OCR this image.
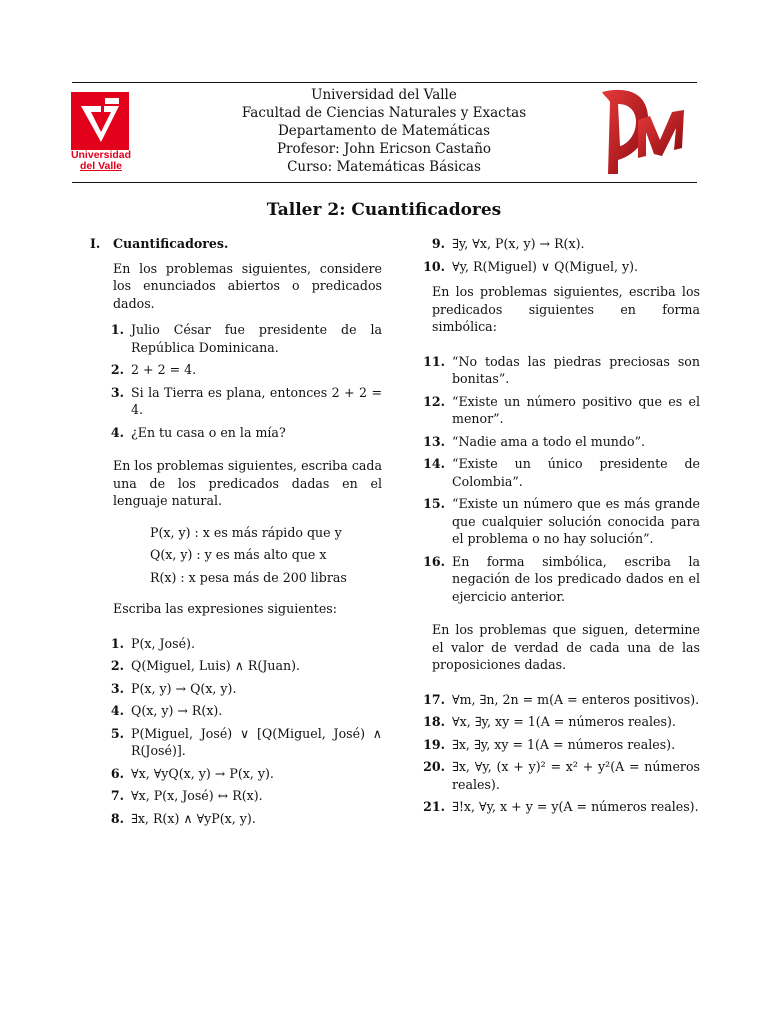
Universidad
del Valle
Universidad del Valle
Facultad de Ciencias Naturales y Exactas
Departamento de Matemáticas
Profesor: John Ericson Castaño
Curso: Matemáticas Básicas
Taller 2: Cuantificadores
I. Cuantificadores.
En los problemas siguientes, considere los enunciados abiertos o predicados dados.
1. Julio César fue presidente de la República Dominicana.
2. 2 + 2 = 4.
3. Si la Tierra es plana, entonces 2 + 2 = 4.
4. ¿En tu casa o en la mía?
En los problemas siguientes, escriba cada una de los predicados dadas en el lenguaje natural.
P(x, y) : x es más rápido que y
Q(x, y) : y es más alto que x
R(x) : x pesa más de 200 libras
Escriba las expresiones siguientes:
1. P(x, José).
2. Q(Miguel, Luis) ∧ R(Juan).
3. P(x, y) → Q(x, y).
4. Q(x, y) → R(x).
5. P(Miguel, José) ∨ [Q(Miguel, José) ∧ R(José)].
6. ∀x, ∀yQ(x, y) → P(x, y).
7. ∀x, P(x, José) ↔ R(x).
8. ∃x, R(x) ∧ ∀yP(x, y).
9. ∃y, ∀x, P(x, y) → R(x).
10. ∀y, R(Miguel) ∨ Q(Miguel, y).
En los problemas siguientes, escriba los predicados siguientes en forma simbólica:
11. “No todas las piedras preciosas son bonitas”.
12. “Existe un número positivo que es el menor”.
13. “Nadie ama a todo el mundo”.
14. “Existe un único presidente de Colombia”.
15. “Existe un número que es más grande que cualquier solución conocida para el problema o no hay solución”.
16. En forma simbólica, escriba la negación de los predicado dados en el ejercicio anterior.
En los problemas que siguen, determine el valor de verdad de cada una de las proposiciones dadas.
17. ∀m, ∃n, 2n = m(A = enteros positivos).
18. ∀x, ∃y, xy = 1(A = números reales).
19. ∃x, ∃y, xy = 1(A = números reales).
20. ∃x, ∀y, (x + y)² = x² + y²(A = números reales).
21. ∃!x, ∀y, x + y = y(A = números reales).
